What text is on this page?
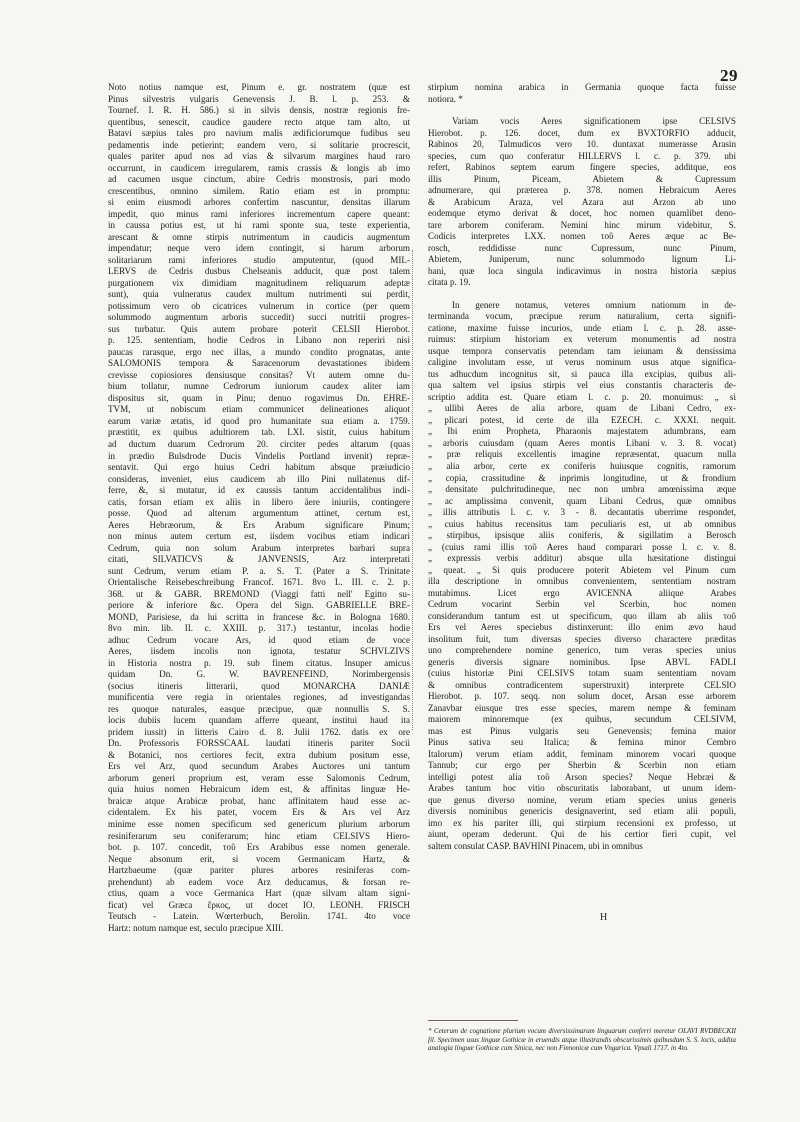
29

Noto notius namque est, Pinum e. gr. nostratem (quæ est

Pinus silvestris vulgaris Genevensis J. B. l. p. 253. &

Tournef. I. R. H. 586.) si in silvis densis, nostræ regionis fre-

quentibus, senescit, caudice gaudere recto atque tam alto, ut

Batavi sæpius tales pro navium malis ædificiorumque fudibus seu

pedamentis inde petierint; eandem vero, si solitarie procrescit,

quales pariter apud nos ad vias & silvarum margines haud raro

occurrunt, in caudicem irregularem, ramis crassis & longis ab imo

ad cacumen usque cinctum, abire Cedris monstrosis, pari modo

crescentibus, omnino similem. Ratio etiam est in promptu:

si enim eiusmodi arbores confertim nascuntur, densitas illarum

impedit, quo minus rami inferiores incrementum capere queant:

in caussa potius est, ut hi rami sponte sua, teste experientia,

arescant & omne stirpis nutrimentum in caudicis augmentum

impendatur; neque vero idem contingit, si harum arborum

solitariarum rami inferiores studio amputentur, (quod MIL-

LERVS de Cedris dusbus Chelseanis adducit, quæ post talem

purgationem vix dimidiam magnitudinem reliquarum adeptæ

sunt), quia vulneratus caudex multum nutrimenti sui perdit,

potissimum vero ob cicatrices vulnerum in cortice (per quem

solummodo augmentum arboris succedit) succi nutritii progres-

sus turbatur. Quis autem probare poterit CELSII Hierobot.

p. 125. sententiam, hodie Cedros in Libano non reperiri nisi

paucas rarasque, ergo nec illas, a mundo condito prognatas, ante

SALOMONIS tempora & Saracenorum devastationes ibidem

crevisse copiosiores densiusque consitas? Vt autem omne du-

bium tollatur, numne Cedrorum iuniorum caudex aliter iam

dispositus sit, quam in Pinu; denuo rogavimus Dn. EHRE-

TVM, ut nobiscum etiam communicet delineationes aliquot

earum variæ ætatis, id quod pro humanitate sua etiam a. 1759.

præstitit, ex quibus adultiorem tab. LXI. sistit, cuius habitum

ad ductum duarum Cedrorum 20. circiter pedes altarum (quas

in prædio Bulsdrode Ducis Vindelis Portland invenit) repræ-

sentavit. Qui ergo huius Cedri habitum absque præiudicio

consideras, inveniet, eius caudicem ab illo Pini nullatenus dif-

ferre, &, si mutatur, id ex caussis tantum accidentalibus indi-

catis, forsan etiam ex aliis in libero äere iniuriis, contingere

posse. Quod ad alterum argumentum attinet, certum est,

Aeres Hebræorum, & Ers Arabum significare Pinum;

non minus autem certum est, iisdem vocibus etiam indicari

Cedrum, quia non solum Arabum interpretes barbari supra

citati, SILVATICVS & JANVENSIS, Arz interpretati

sunt Cedrum, verum etiam P. a. S. T. (Pater a S. Trinitate

Orientalische Reisebeschreibung Francof. 1671. 8vo L. III. c. 2. p.

368. ut & GABR. BREMOND (Viaggi fatti nell' Egitto su-

periore & inferiore &c. Opera del Sign. GABRIELLE BRE-

MOND, Parisiese, da lui scritta in francese &c. in Bologna 1680.

8vo min. lib. II. c. XXIII. p. 317.) testantur, incolas hodie

adhuc Cedrum vocare Ars, id quod etiam de voce

Aeres, iisdem incolis non ignota, testatur SCHVLZIVS

in Historia nostra p. 19. sub finem citatus. Insuper amicus

quidam Dn. G. W. BAVRENFEIND, Norimbergensis

(socius itineris litterarii, quod MONARCHA DANIÆ

munificentia vere regia in orientales regiones, ad investigandas

res quoque naturales, easque præcipue, quæ nonnullis S. S.

locis dubiis lucem quandam afferre queant, institui haud ita

pridem iussit) in litteris Cairo d. 8. Julii 1762. datis ex ore

Dn. Professoris FORSSCAAL laudati itineris pariter Socii

& Botanici, nos certiores fecit, extra dubium positum esse,

Ers vel Arz, quod secundum Arabes Auctores uni tantum

arborum generi proprium est, veram esse Salomonis Cedrum,

quia huius nomen Hebraicum idem est, & affinitas linguæ He-

braicæ atque Arabicæ probat, hanc affinitatem haud esse ac-

cidentalem. Ex his patet, vocem Ers & Ars vel Arz

minime esse nomen specificum sed genericum plurium arborum

resiniferarum seu coniferarum; hinc etiam CELSIVS Hiero-

bot. p. 107. concedit, τοῦ Ers Arabibus esse nomen generale.

Neque absonum erit, si vocem Germanicam Hartz, &

Hartzbaeume (quæ pariter plures arbores resiniferas com-

prehendunt) ab eadem voce Arz deducamus, & forsan re-

ctius, quam a voce Germanica Hart (quæ silvam altam signi-

ficat) vel Græca ἕρκος, ut docet IO. LEONH. FRISCH

Teutsch - Latein. Wœrterbuch, Berolin. 1741. 4to voce

Hartz: notum namque est, seculo præcipue XIII.

stirpium nomina arabica in Germania quoque facta fuisse

notiora. *

Variam vocis Aeres significationem ipse CELSIVS

Hierobot. p. 126. docet, dum ex BVXTORFIO adducit,

Rabinos 20, Talmudicos vero 10. duntaxat numerasse Arasin

species, cum quo conferatur HILLERVS l. c. p. 379. ubi

refert, Rabinos septem earum fingere species, additque, eos

illis Pinum, Piceam, Abietem & Cupressum

adnumerare, qui præterea p. 378. nomen Hebraicum Aeres

& Arabicum Araza, vel Azara aut Arzon ab uno

eodemque etymo derivat & docet, hoc nomen quamlibet deno-

tare arborem coniferam. Nemini hinc mirum videbitur, S.

Codicis interpretes LXX. nomen τοῦ Aeres æque ac Be-

rosch, reddidisse nunc Cupressum, nunc Pinum,

Abietem, Juniperum, nunc solummodo lignum Li-

bani, quæ loca singula indicavimus in nostra historia sæpius

citata p. 19.

In genere notamus, veteres omnium nationum in de-

terminanda vocum, præcipue rerum naturalium, certa signifi-

catione, maxime fuisse incurios, unde etiam l. c. p. 28. asse-

ruimus: stirpium historiam ex veterum monumentis ad nostra

usque tempora conservatis petendam tam ieiunam & densissima

caligine involutam esse, ut verus nominum usus atque significa-

tus adhucdum incognitus sit, si pauca illa excipias, quibus ali-

qua saltem vel ipsius stirpis vel eius constantis characteris de-

scriptio addita est. Quare etiam l. c. p. 20. monuimus: „ si

„ ullibi Aeres de alia arbore, quam de Libani Cedro, ex-

„ plicari potest, id certe de illa EZECH. c. XXXI. nequit.

„ Ibi enim Propheta, Pharaonis majestatem adumbrans, eam

„ arboris cuiusdam (quam Aeres montis Libani v. 3. 8. vocat)

„ præ reliquis excellentis imagine repræsentat, quacum nulla

„ alia arbor, certe ex coniferis huiusque cognitis, ramorum

„ copia, crassitudine & inprimis longitudine, ut & frondium

„ densitate pulchritudineque, nec non umbra amœnissima æque

„ ac amplissima convenit, quam Libani Cedrus, quæ omnibus

„ illis attributis l. c. v. 3 - 8. decantatis uberrime respondet,

„ cuius habitus recensitus tam peculiaris est, ut ab omnibus

„ stirpibus, ipsisque aliis coniferis, & sigillatim a Berosch

„ (cuius rami illis τοῦ Aeres haud comparari posse l. c. v. 8.

„ expressis verbis additur) absque ulla hæsitatione distingui

„ queat. „ Si quis producere poterit Abietem vel Pinum cum

illa descriptione in omnibus convenientem, sententiam nostram

mutabimus. Licet ergo AVICENNA aliique Arabes

Cedrum vocarint Serbin vel Scerbin, hoc nomen

considerandum tantum est ut specificum, quo illam ab aliis τοῦ

Ers vel Aeres speciebus distinxerunt: illo enim ævo haud

insolitum fuit, tum diversas species diverso charactere præditas

uno comprehendere nomine generico, tum veras species unius

generis diversis signare nominibus. Ipse ABVL FADLI

(cuius historiæ Pini CELSIVS totam suam sententiam novam

& omnibus contradicentem superstruxit) interprete CELSIO

Hierobot. p. 107. seqq. non solum docet, Arsan esse arborem

Zanavbar eiusque tres esse species, marem nempe & feminam

maiorem minoremque (ex quibus, secundum CELSIVM,

mas est Pinus vulgaris seu Genevensis; femina maior

Pinus sativa seu Italica; & femina minor Cembro

Italorum) verum etiam addit, feminam minorem vocari quoque

Tannub; cur ergo per Sherbin & Scerbin non etiam

intelligi potest alia τοῦ Arson species? Neque Hebræi &

Arabes tantum hoc vitio obscuritatis laborabant, ut unum idem-

que genus diverso nomine, verum etiam species unius generis

diversis nominibus genericis designaverint, sed etiam alii populi,

imo ex his pariter illi, qui stirpium recensioni ex professo, ut

aiunt, operam dederunt. Qui de his certior fieri cupit, vel

saltem consulat CASP. BAVHINI Pinacem, ubi in omnibus

H
* Ceterum de cognatione plurium vocum diversissimarum linguarum conferri meretur OLAVI RVDBECKII fil. Specimen usus linguæ Gothicæ in eruendis atque illustrandis obscurissimis quibusdam S. S. locis, addita analogia linguæ Gothicæ cum Sinica, nec non Finnonicæ cum Vngarica. Vpsali 1717. in 4to.
